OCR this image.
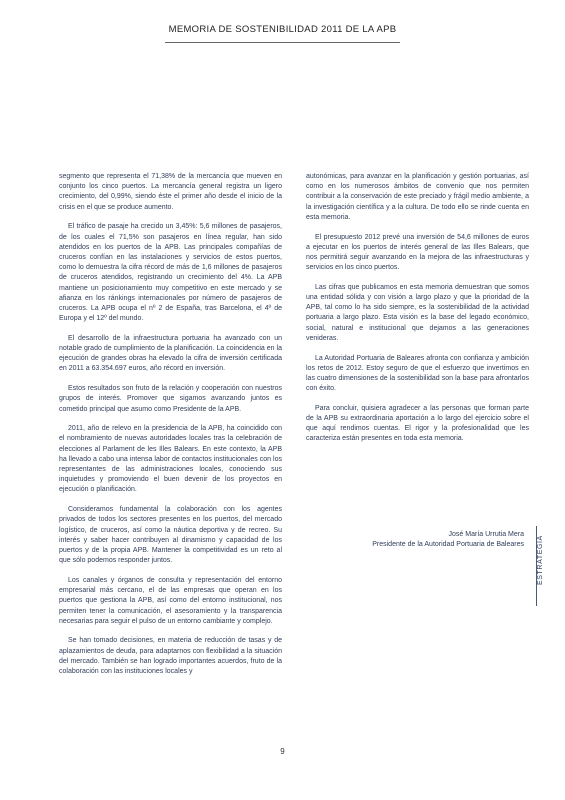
MEMORIA DE SOSTENIBILIDAD 2011 DE LA APB

segmento que representa el 71,38% de la mercancía que mueven en conjunto los cinco puertos. La mercancía general registra un ligero crecimiento, del 0,99%, siendo éste el primer año desde el inicio de la crisis en el que se produce aumento.

El tráfico de pasaje ha crecido un 3,45%: 5,6 millones de pasajeros, de los cuales el 71,5% son pasajeros en línea regular, han sido atendidos en los puertos de la APB. Las principales compañías de cruceros confían en las instalaciones y servicios de estos puertos, como lo demuestra la cifra récord de más de 1,6 millones de pasajeros de cruceros atendidos, registrando un crecimiento del 4%. La APB mantiene un posicionamiento muy competitivo en este mercado y se afianza en los ránkings internacionales por número de pasajeros de cruceros. La APB ocupa el nº 2 de España, tras Barcelona, el 4º de Europa y el 12º del mundo.

El desarrollo de la infraestructura portuaria ha avanzado con un notable grado de cumplimiento de la planificación. La coincidencia en la ejecución de grandes obras ha elevado la cifra de inversión certificada en 2011 a 63.354.697 euros, año récord en inversión.

Estos resultados son fruto de la relación y cooperación con nuestros grupos de interés. Promover que sigamos avanzando juntos es cometido principal que asumo como Presidente de la APB.

2011, año de relevo en la presidencia de la APB, ha coincidido con el nombramiento de nuevas autoridades locales tras la celebración de elecciones al Parlament de les Illes Balears. En este contexto, la APB ha llevado a cabo una intensa labor de contactos institucionales con los representantes de las administraciones locales, conociendo sus inquietudes y promoviendo el buen devenir de los proyectos en ejecución o planificación.

Consideramos fundamental la colaboración con los agentes privados de todos los sectores presentes en los puertos, del mercado logístico, de cruceros, así como la náutica deportiva y de recreo. Su interés y saber hacer contribuyen al dinamismo y capacidad de los puertos y de la propia APB. Mantener la competitividad es un reto al que sólo podemos responder juntos.

Los canales y órganos de consulta y representación del entorno empresarial más cercano, el de las empresas que operan en los puertos que gestiona la APB, así como del entorno institucional, nos permiten tener la comunicación, el asesoramiento y la transparencia necesarias para seguir el pulso de un entorno cambiante y complejo.

Se han tomado decisiones, en materia de reducción de tasas y de aplazamientos de deuda, para adaptarnos con flexibilidad a la situación del mercado. También se han logrado importantes acuerdos, fruto de la colaboración con las instituciones locales y

autonómicas, para avanzar en la planificación y gestión portuarias, así como en los numerosos ámbitos de convenio que nos permiten contribuir a la conservación de este preciado y frágil medio ambiente, a la investigación científica y a la cultura. De todo ello se rinde cuenta en esta memoria.

El presupuesto 2012 prevé una inversión de 54,6 millones de euros a ejecutar en los puertos de interés general de las Illes Balears, que nos permitirá seguir avanzando en la mejora de las infraestructuras y servicios en los cinco puertos.

Las cifras que publicamos en esta memoria demuestran que somos una entidad sólida y con visión a largo plazo y que la prioridad de la APB, tal como lo ha sido siempre, es la sostenibilidad de la actividad portuaria a largo plazo. Esta visión es la base del legado económico, social, natural e institucional que dejamos a las generaciones venideras.

La Autoridad Portuaria de Baleares afronta con confianza y ambición los retos de 2012. Estoy seguro de que el esfuerzo que invertimos en las cuatro dimensiones de la sostenibilidad son la base para afrontarlos con éxito.

Para concluir, quisiera agradecer a las personas que forman parte de la APB su extraordinaria aportación a lo largo del ejercicio sobre el que aquí rendimos cuentas. El rigor y la profesionalidad que les caracteriza están presentes en toda esta memoria.

José María Urrutia Mera
Presidente de la Autoridad Portuaria de Baleares ESTRATEGIA
9
